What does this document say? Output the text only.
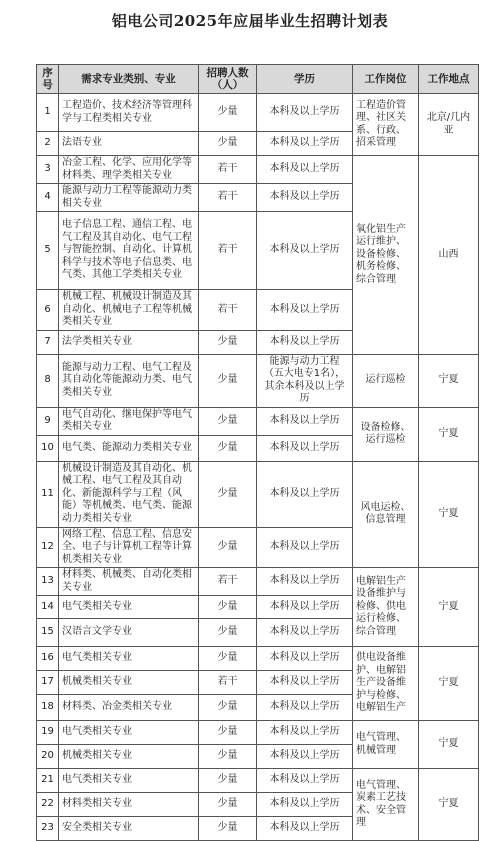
铝电公司2025年应届毕业生招聘计划表
序号	需求专业类别、专业	招聘人数（人）	学历	工作岗位	工作地点
1	工程造价、技术经济等管理科学与工程类相关专业	少量	本科及以上学历	工程造价管理、社区关系、行政、招采管理	北京/几内亚
2	法语专业	少量	本科及以上学历		
3	冶金工程、化学、应用化学等材料类、理学类相关专业	若干	本科及以上学历	氧化铝生产运行维护、设备检修、机务检修、综合管理	山西
4	能源与动力工程等能源动力类相关专业	若干	本科及以上学历		
5	电子信息工程、通信工程、电气工程及其自动化、电气工程与智能控制、自动化、计算机科学与技术等电子信息类、电气类、其他工学类相关专业	若干	本科及以上学历		
6	机械工程、机械设计制造及其自动化、机械电子工程等机械类相关专业	若干	本科及以上学历		
7	法学类相关专业	少量	本科及以上学历		
8	能源与动力工程、电气工程及其自动化等能源动力类、电气类相关专业	少量	能源与动力工程（五大电专1名），其余本科及以上学历	运行巡检	宁夏
9	电气自动化、继电保护等电气类相关专业	少量	本科及以上学历	设备检修、运行巡检	宁夏
10	电气类、能源动力类相关专业	少量	本科及以上学历		
11	机械设计制造及其自动化、机械工程、电气工程及其自动化、新能源科学与工程（风能）等机械类、电气类、能源动力类相关专业	少量	本科及以上学历	风电运检、信息管理	宁夏
12	网络工程、信息工程、信息安全、电子与计算机工程等计算机类相关专业	少量	本科及以上学历		
13	材料类、机械类、自动化类相关专业	若干	本科及以上学历	电解铝生产设备维护与检修、供电运行检修、综合管理	宁夏
14	电气类相关专业	少量	本科及以上学历		
15	汉语言文学专业	少量	本科及以上学历		
16	电气类相关专业	少量	本科及以上学历	供电设备维护、电解铝生产设备维护与检修、电解铝生产	宁夏
17	机械类相关专业	若干	本科及以上学历		
18	材料类、冶金类相关专业	少量	本科及以上学历		
19	电气类相关专业	少量	本科及以上学历	电气管理、机械管理	宁夏
20	机械类相关专业	少量	本科及以上学历		
21	电气类相关专业	少量	本科及以上学历	电气管理、炭素工艺技术、安全管理	宁夏
22	材料类相关专业	少量	本科及以上学历		
23	安全类相关专业	少量	本科及以上学历		
